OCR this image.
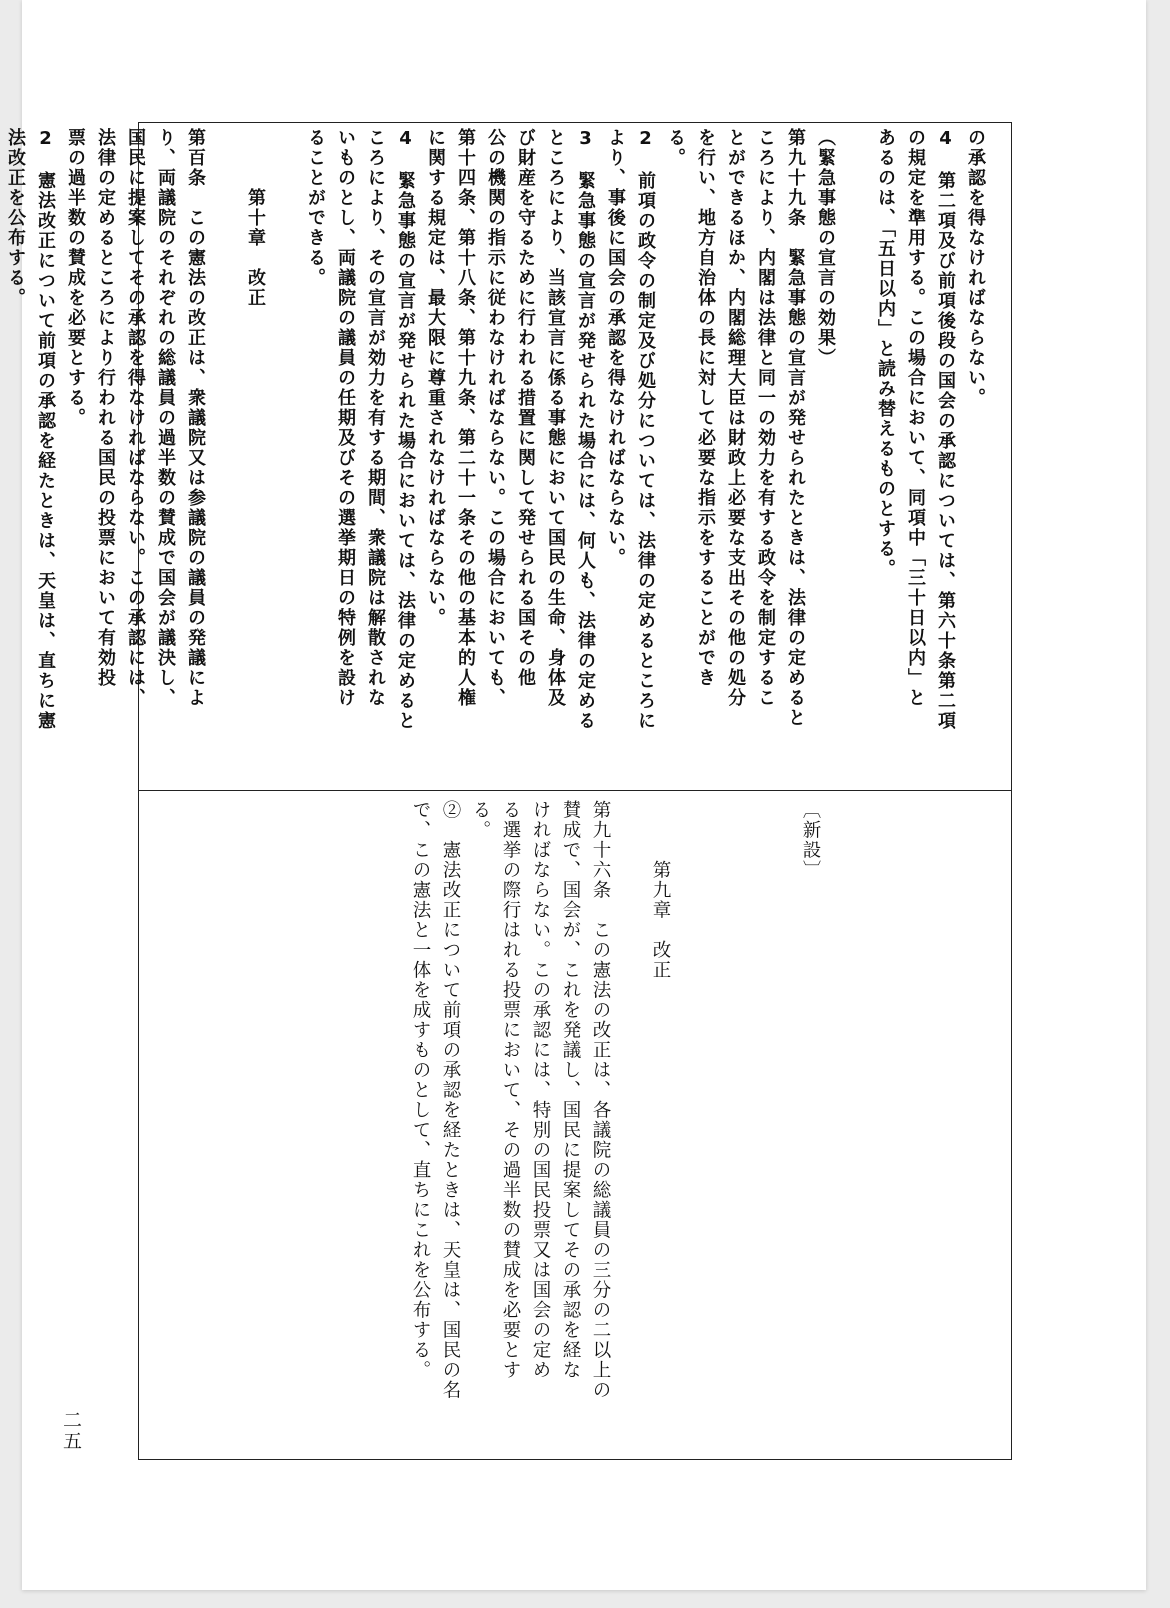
の承認を得なければならない。
4　第二項及び前項後段の国会の承認については、第六十条第二項
の規定を準用する。この場合において、同項中「三十日以内」と
あるのは、「五日以内」と読み替えるものとする。

（緊急事態の宣言の効果）
第九十九条　緊急事態の宣言が発せられたときは、法律の定めると
ころにより、内閣は法律と同一の効力を有する政令を制定するこ
とができるほか、内閣総理大臣は財政上必要な支出その他の処分
を行い、地方自治体の長に対して必要な指示をすることができ
る。
2　前項の政令の制定及び処分については、法律の定めるところに
より、事後に国会の承認を得なければならない。
3　緊急事態の宣言が発せられた場合には、何人も、法律の定める
ところにより、当該宣言に係る事態において国民の生命、身体及
び財産を守るために行われる措置に関して発せられる国その他
公の機関の指示に従わなければならない。この場合においても、
第十四条、第十八条、第十九条、第二十一条その他の基本的人権
に関する規定は、最大限に尊重されなければならない。
4　緊急事態の宣言が発せられた場合においては、法律の定めると
ころにより、その宣言が効力を有する期間、衆議院は解散されな
いものとし、両議院の議員の任期及びその選挙期日の特例を設け
ることができる。

　　　第十章　改正

第百条　この憲法の改正は、衆議院又は参議院の議員の発議によ
り、両議院のそれぞれの総議員の過半数の賛成で国会が議決し、
国民に提案してその承認を得なければならない。この承認には、
法律の定めるところにより行われる国民の投票において有効投
票の過半数の賛成を必要とする。
2　憲法改正について前項の承認を経たときは、天皇は、直ちに憲
法改正を公布する。
〔新設〕

　　　第九章　改正

第九十六条　この憲法の改正は、各議院の総議員の三分の二以上の
賛成で、国会が、これを発議し、国民に提案してその承認を経な
ければならない。この承認には、特別の国民投票又は国会の定め
る選挙の際行はれる投票において、その過半数の賛成を必要とす
る。
②　憲法改正について前項の承認を経たときは、天皇は、国民の名
で、この憲法と一体を成すものとして、直ちにこれを公布する。
二五
